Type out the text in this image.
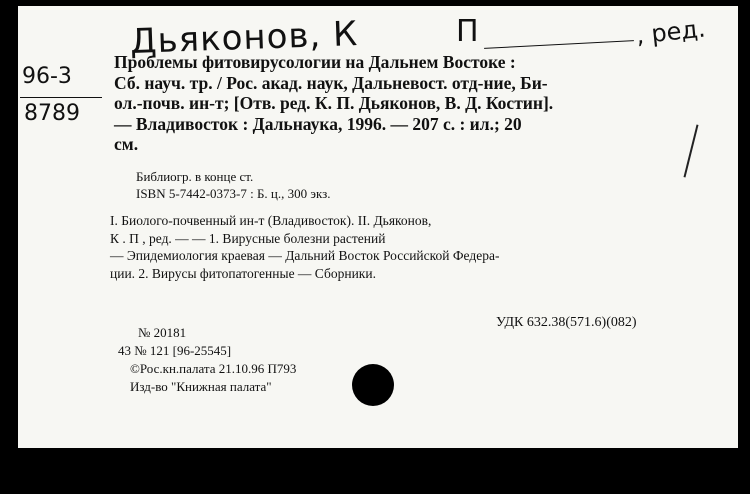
Дьяконов, К	П	, ред.
96-3
8789
Проблемы фитовирусологии на Дальнем Востоке :
Сб. науч. тр. / Рос. акад. наук, Дальневост. отд-ние, Би-
ол.-почв. ин-т; [Отв. ред. К. П. Дьяконов, В. Д. Костин].
— Владивосток : Дальнаука, 1996. — 207 с. : ил.; 20
см.
Библиогр. в конце ст.
ISBN 5-7442-0373-7 : Б. ц., 300 экз.
I. Биолого-почвенный ин-т (Владивосток). II. Дьяконов,
К . П , ред. — — 1. Вирусные болезни растений
— Эпидемиология краевая — Дальний Восток Российской Федера-
ции. 2. Вирусы фитопатогенные — Сборники.
УДК 632.38(571.6)(082)
№ 20181
43 № 121 [96-25545]
©Рос.кн.палата 21.10.96 П793
Изд-во "Книжная палата"
